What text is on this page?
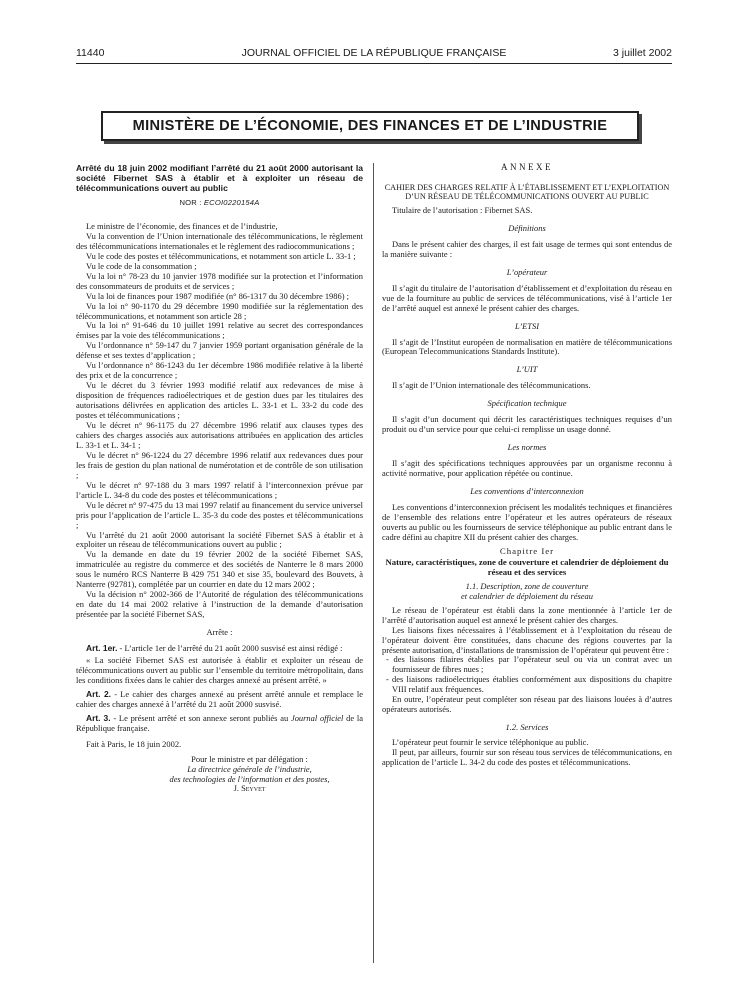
11440	JOURNAL OFFICIEL DE LA RÉPUBLIQUE FRANÇAISE	3 juillet 2002
MINISTÈRE DE L’ÉCONOMIE, DES FINANCES ET DE L’INDUSTRIE

Arrêté du 18 juin 2002 modifiant l’arrêté du 21 août 2000 autorisant la société Fibernet SAS à établir et à exploiter un réseau de télécommunications ouvert au public

NOR : ECOI0220154A

Le ministre de l’économie, des finances et de l’industrie,

Vu la convention de l’Union internationale des télécommunications, le règlement des télécommunications internationales et le règlement des radiocommunications ;

Vu le code des postes et télécommunications, et notamment son article L. 33-1 ;

Vu le code de la consommation ;

Vu la loi n° 78-23 du 10 janvier 1978 modifiée sur la protection et l’information des consommateurs de produits et de services ;

Vu la loi de finances pour 1987 modifiée (n° 86-1317 du 30 décembre 1986) ;

Vu la loi n° 90-1170 du 29 décembre 1990 modifiée sur la réglementation des télécommunications, et notamment son article 28 ;

Vu la loi n° 91-646 du 10 juillet 1991 relative au secret des correspondances émises par la voie des télécommunications ;

Vu l’ordonnance n° 59-147 du 7 janvier 1959 portant organisation générale de la défense et ses textes d’application ;

Vu l’ordonnance n° 86-1243 du 1er décembre 1986 modifiée relative à la liberté des prix et de la concurrence ;

Vu le décret du 3 février 1993 modifié relatif aux redevances de mise à disposition de fréquences radioélectriques et de gestion dues par les titulaires des autorisations délivrées en application des articles L. 33-1 et L. 33-2 du code des postes et télécommunications ;

Vu le décret n° 96-1175 du 27 décembre 1996 relatif aux clauses types des cahiers des charges associés aux autorisations attribuées en application des articles L. 33-1 et L. 34-1 ;

Vu le décret n° 96-1224 du 27 décembre 1996 relatif aux redevances dues pour les frais de gestion du plan national de numérotation et de contrôle de son utilisation ;

Vu le décret n° 97-188 du 3 mars 1997 relatif à l’interconnexion prévue par l’article L. 34-8 du code des postes et télécommunications ;

Vu le décret n° 97-475 du 13 mai 1997 relatif au financement du service universel pris pour l’application de l’article L. 35-3 du code des postes et télécommunications ;

Vu l’arrêté du 21 août 2000 autorisant la société Fibernet SAS à établir et à exploiter un réseau de télécommunications ouvert au public ;

Vu la demande en date du 19 février 2002 de la société Fibernet SAS, immatriculée au registre du commerce et des sociétés de Nanterre le 8 mars 2000 sous le numéro RCS Nanterre B 429 751 340 et sise 35, boulevard des Bouvets, à Nanterre (92781), complétée par un courrier en date du 12 mars 2002 ;

Vu la décision n° 2002-366 de l’Autorité de régulation des télécommunications en date du 14 mai 2002 relative à l’instruction de la demande d’autorisation présentée par la société Fibernet SAS,

Arrête :

Art. 1er. - L’article 1er de l’arrêté du 21 août 2000 susvisé est ainsi rédigé :

« La société Fibernet SAS est autorisée à établir et exploiter un réseau de télécommunications ouvert au public sur l’ensemble du territoire métropolitain, dans les conditions fixées dans le cahier des charges annexé au présent arrêté. »

Art. 2. - Le cahier des charges annexé au présent arrêté annule et remplace le cahier des charges annexé à l’arrêté du 21 août 2000 susvisé.

Art. 3. - Le présent arrêté et son annexe seront publiés au Journal officiel de la République française.

Fait à Paris, le 18 juin 2002.

Pour le ministre et par délégation :

La directrice générale de l’industrie,

des technologies de l’information et des postes,

J. Seyvet

ANNEXE

CAHIER DES CHARGES RELATIF À L’ÉTABLISSEMENT ET L’EXPLOITATION D’UN RÉSEAU DE TÉLÉCOMMUNICATIONS OUVERT AU PUBLIC

Titulaire de l’autorisation : Fibernet SAS.

Définitions

Dans le présent cahier des charges, il est fait usage de termes qui sont entendus de la manière suivante :

L’opérateur

Il s’agit du titulaire de l’autorisation d’établissement et d’exploitation du réseau en vue de la fourniture au public de services de télécommunications, visé à l’article 1er de l’arrêté auquel est annexé le présent cahier des charges.

L’ETSI

Il s’agit de l’Institut européen de normalisation en matière de télécommunications (European Telecommunications Standards Institute).

L’UIT

Il s’agit de l’Union internationale des télécommunications.

Spécification technique

Il s’agit d’un document qui décrit les caractéristiques techniques requises d’un produit ou d’un service pour que celui-ci remplisse un usage donné.

Les normes

Il s’agit des spécifications techniques approuvées par un organisme reconnu à activité normative, pour application répétée ou continue.

Les conventions d’interconnexion

Les conventions d’interconnexion précisent les modalités techniques et financières de l’ensemble des relations entre l’opérateur et les autres opérateurs de réseaux ouverts au public ou les fournisseurs de service téléphonique au public entrant dans le cadre défini au chapitre XII du présent cahier des charges.

Chapitre Ier

Nature, caractéristiques, zone de couverture et calendrier de déploiement du réseau et des services

1.1. Description, zone de couverture

et calendrier de déploiement du réseau

Le réseau de l’opérateur est établi dans la zone mentionnée à l’article 1er de l’arrêté d’autorisation auquel est annexé le présent cahier des charges.

Les liaisons fixes nécessaires à l’établissement et à l’exploitation du réseau de l’opérateur doivent être constituées, dans chacune des régions couvertes par la présente autorisation, d’installations de transmission de l’opérateur qui peuvent être :

- des liaisons filaires établies par l’opérateur seul ou via un contrat avec un fournisseur de fibres nues ;

- des liaisons radioélectriques établies conformément aux dispositions du chapitre VIII relatif aux fréquences.

En outre, l’opérateur peut compléter son réseau par des liaisons louées à d’autres opérateurs autorisés.

1.2. Services

L’opérateur peut fournir le service téléphonique au public.

Il peut, par ailleurs, fournir sur son réseau tous services de télécommunications, en application de l’article L. 34-2 du code des postes et télécommunications.
